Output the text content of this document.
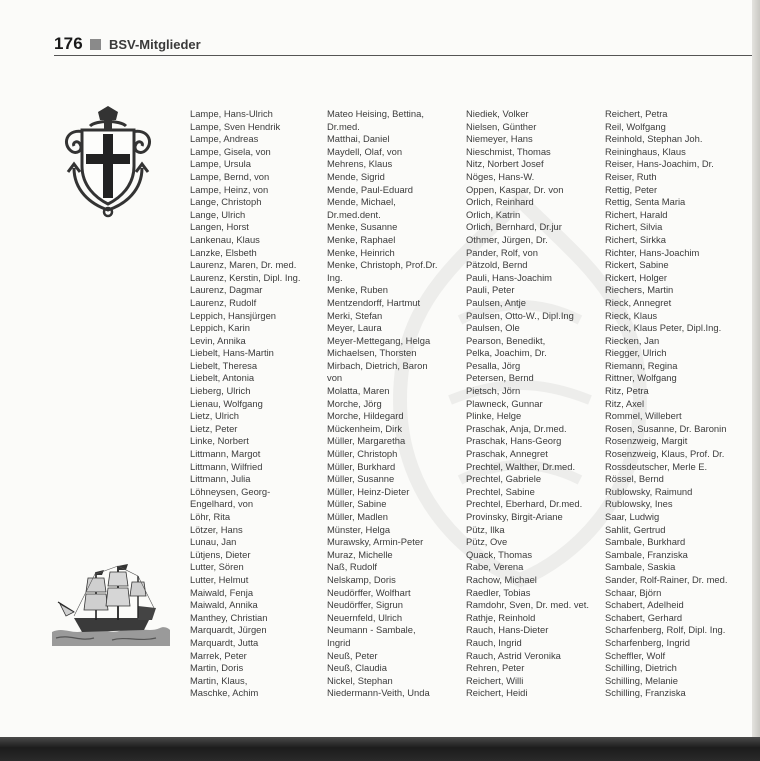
176 BSV-Mitglieder
Lampe, Hans-Ulrich
Lampe, Sven Hendrik
Lampe, Andreas
Lampe, Gisela, von
Lampe, Ursula
Lampe, Bernd, von
Lampe, Heinz, von
Lange, Christoph
Lange, Ulrich
Langen, Horst
Lankenau, Klaus
Lanzke, Elsbeth
Laurenz, Maren, Dr. med.
Laurenz, Kerstin, Dipl. Ing.
Laurenz, Dagmar
Laurenz, Rudolf
Leppich, Hansjürgen
Leppich, Karin
Levin, Annika
Liebelt, Hans-Martin
Liebelt, Theresa
Liebelt, Antonia
Lieberg, Ulrich
Lienau, Wolfgang
Lietz, Ulrich
Lietz, Peter
Linke, Norbert
Littmann, Margot
Littmann, Wilfried
Littmann, Julia
Löhneysen, Georg-
Engelhard, von
Löhr, Rita
Lötzer, Hans
Lunau, Jan
Lütjens, Dieter
Lutter, Sören
Lutter, Helmut
Maiwald, Fenja
Maiwald, Annika
Manthey, Christian
Marquardt, Jürgen
Marquardt, Jutta
Marrek, Peter
Martin, Doris
Martin, Klaus,
Maschke, Achim
Mateo Heising, Bettina,
Dr.med.
Matthai, Daniel
Maydell, Olaf, von
Mehrens, Klaus
Mende, Sigrid
Mende, Paul-Eduard
Mende, Michael,
Dr.med.dent.
Menke, Susanne
Menke, Raphael
Menke, Heinrich
Menke, Christoph, Prof.Dr.
Ing.
Menke, Ruben
Mentzendorff, Hartmut
Merki, Stefan
Meyer, Laura
Meyer-Mettegang, Helga
Michaelsen, Thorsten
Mirbach, Dietrich, Baron
von
Molatta, Maren
Morche, Jörg
Morche, Hildegard
Mückenheim, Dirk
Müller, Margaretha
Müller, Christoph
Müller, Burkhard
Müller, Susanne
Müller, Heinz-Dieter
Müller, Sabine
Müller, Madlen
Münster, Helga
Murawsky, Armin-Peter
Muraz, Michelle
Naß, Rudolf
Nelskamp, Doris
Neudörffer, Wolfhart
Neudörffer, Sigrun
Neuernfeld, Ulrich
Neumann - Sambale,
Ingrid
Neuß, Peter
Neuß, Claudia
Nickel, Stephan
Niedermann-Veith, Unda
Niediek, Volker
Nielsen, Günther
Niemeyer, Hans
Nieschmist, Thomas
Nitz, Norbert Josef
Nöges, Hans-W.
Oppen, Kaspar, Dr. von
Orlich, Reinhard
Orlich, Katrin
Orlich, Bernhard, Dr.jur
Othmer, Jürgen, Dr.
Pander, Rolf, von
Pätzold, Bernd
Pauli, Hans-Joachim
Pauli, Peter
Paulsen, Antje
Paulsen, Otto-W., Dipl.Ing
Paulsen, Ole
Pearson, Benedikt,
Pelka, Joachim, Dr.
Pesalla, Jörg
Petersen, Bernd
Pietsch, Jörn
Plawneck, Gunnar
Plinke, Helge
Praschak, Anja, Dr.med.
Praschak, Hans-Georg
Praschak, Annegret
Prechtel, Walther, Dr.med.
Prechtel, Gabriele
Prechtel, Sabine
Prechtel, Eberhard, Dr.med.
Provinsky, Birgit-Ariane
Pütz, Ilka
Pütz, Ove
Quack, Thomas
Rabe, Verena
Rachow, Michael
Raedler, Tobias
Ramdohr, Sven, Dr. med. vet.
Rathje, Reinhold
Rauch, Hans-Dieter
Rauch, Ingrid
Rauch, Astrid Veronika
Rehren, Peter
Reichert, Willi
Reichert, Heidi
Reichert, Petra
Reil, Wolfgang
Reinhold, Stephan Joh.
Reininghaus, Klaus
Reiser, Hans-Joachim, Dr.
Reiser, Ruth
Rettig, Peter
Rettig, Senta Maria
Richert, Harald
Richert, Silvia
Richert, Sirkka
Richter, Hans-Joachim
Rickert, Sabine
Rickert, Holger
Riechers, Martin
Rieck, Annegret
Rieck, Klaus
Rieck, Klaus Peter, Dipl.Ing.
Riecken, Jan
Riegger, Ulrich
Riemann, Regina
Rittner, Wolfgang
Ritz, Petra
Ritz, Axel
Rommel, Willebert
Rosen, Susanne, Dr. Baronin
Rosenzweig, Margit
Rosenzweig, Klaus, Prof. Dr.
Rossdeutscher, Merle E.
Rössel, Bernd
Rublowsky, Raimund
Rublowsky, Ines
Saar, Ludwig
Sahlit, Gertrud
Sambale, Burkhard
Sambale, Franziska
Sambale, Saskia
Sander, Rolf-Rainer, Dr. med.
Schaar, Björn
Schabert, Adelheid
Schabert, Gerhard
Scharfenberg, Rolf, Dipl. Ing.
Scharfenberg, Ingrid
Scheffler, Wolf
Schilling, Dietrich
Schilling, Melanie
Schilling, Franziska
